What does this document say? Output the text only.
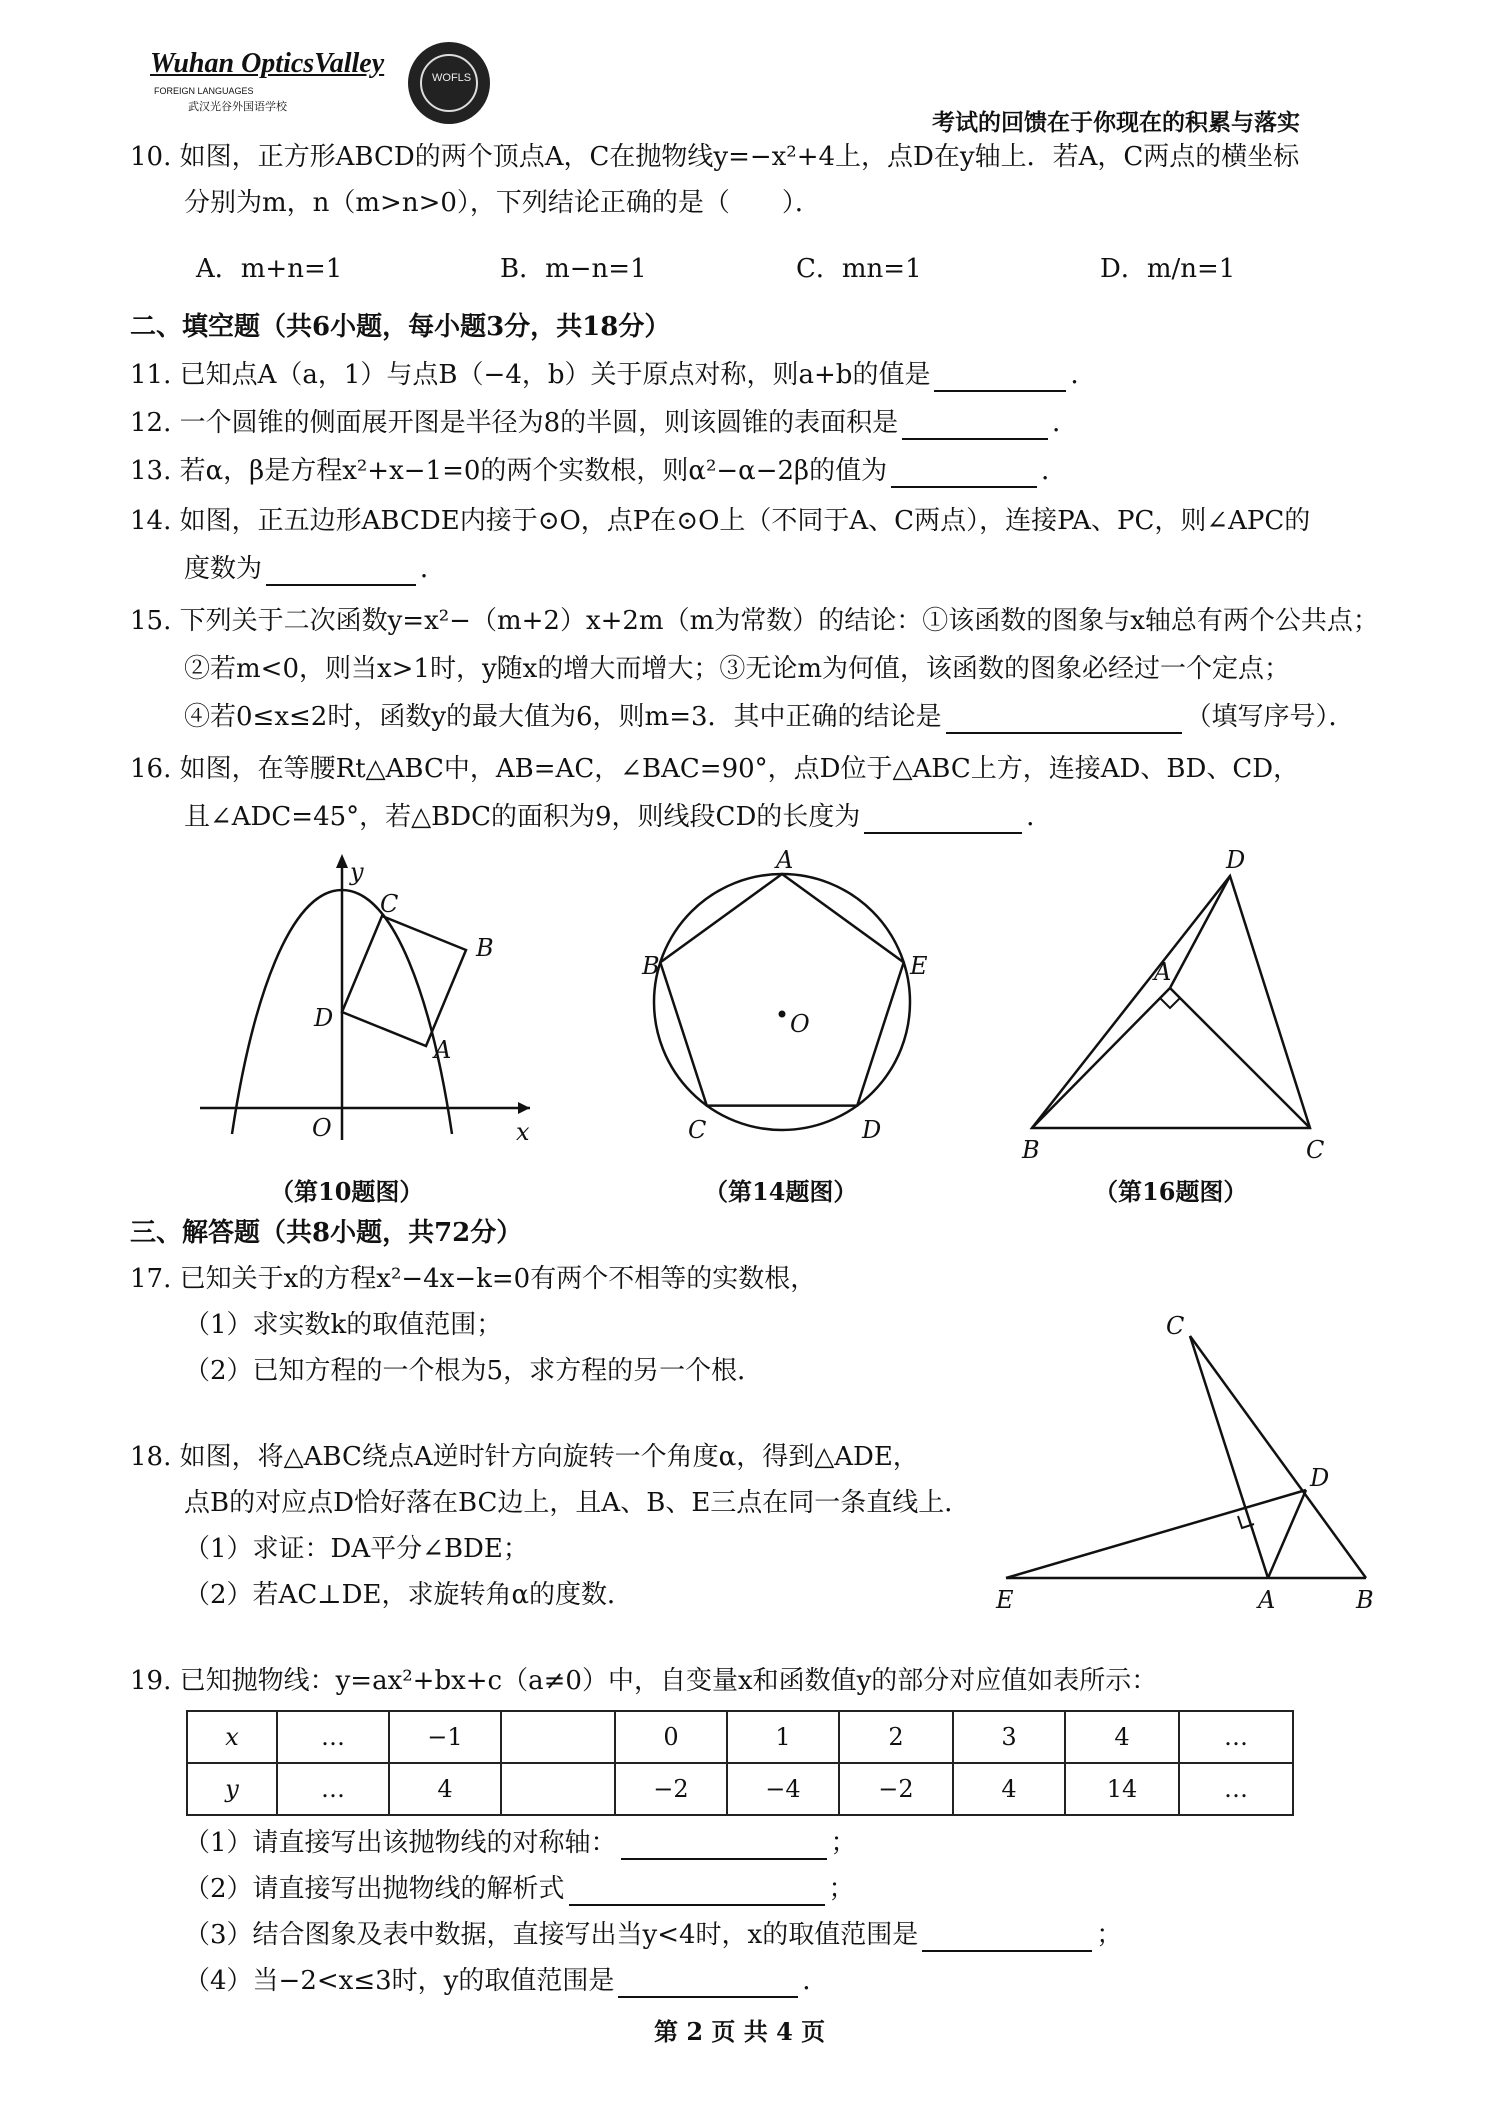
Wuhan OpticsValley
FOREIGN LANGUAGES
武汉光谷外国语学校
WOFLS
考试的回馈在于你现在的积累与落实
10. 如图，正方形ABCD的两个顶点A，C在抛物线y=−x²+4上，点D在y轴上．若A，C两点的横坐标
分别为m，n（m>n>0），下列结论正确的是（　　）．
A．m+n=1	B．m−n=1	C．mn=1	D．m/n=1
二、填空题（共6小题，每小题3分，共18分）
11. 已知点A（a，1）与点B（−4，b）关于原点对称，则a+b的值是	．
12. 一个圆锥的侧面展开图是半径为8的半圆，则该圆锥的表面积是	．
13. 若α，β是方程x²+x−1=0的两个实数根，则α²−α−2β的值为	．
14. 如图，正五边形ABCDE内接于⊙O，点P在⊙O上（不同于A、C两点），连接PA、PC，则∠APC的
度数为	．
15. 下列关于二次函数y=x²−（m+2）x+2m（m为常数）的结论：①该函数的图象与x轴总有两个公共点；
②若m<0，则当x>1时，y随x的增大而增大；③无论m为何值，该函数的图象必经过一个定点；
④若0≤x≤2时，函数y的最大值为6，则m=3．其中正确的结论是	（填写序号）．
16. 如图，在等腰Rt△ABC中，AB=AC，∠BAC=90°，点D位于△ABC上方，连接AD、BD、CD，
且∠ADC=45°，若△BDC的面积为9，则线段CD的长度为	．
y
x
O
C
B
D
A
（第10题图）
A
B	E
C	D
O
（第14题图）
D
A
B	C
（第16题图）
三、解答题（共8小题，共72分）
17. 已知关于x的方程x²−4x−k=0有两个不相等的实数根，
（1）求实数k的取值范围；
（2）已知方程的一个根为5，求方程的另一个根．
18. 如图，将△ABC绕点A逆时针方向旋转一个角度α，得到△ADE，
点B的对应点D恰好落在BC边上，且A、B、E三点在同一条直线上．
（1）求证：DA平分∠BDE；
（2）若AC⊥DE，求旋转角α的度数．
C
D
E	A	B
19. 已知抛物线：y=ax²+bx+c（a≠0）中，自变量x和函数值y的部分对应值如表所示：
x	…	−1		0	1	2	3	4	…
y	…	4		−2	−4	−2	4	14	…
（1）请直接写出该抛物线的对称轴：	；
（2）请直接写出抛物线的解析式	；
（3）结合图象及表中数据，直接写出当y<4时，x的取值范围是	；
（4）当−2<x≤3时，y的取值范围是	．
第 2 页 共 4 页
